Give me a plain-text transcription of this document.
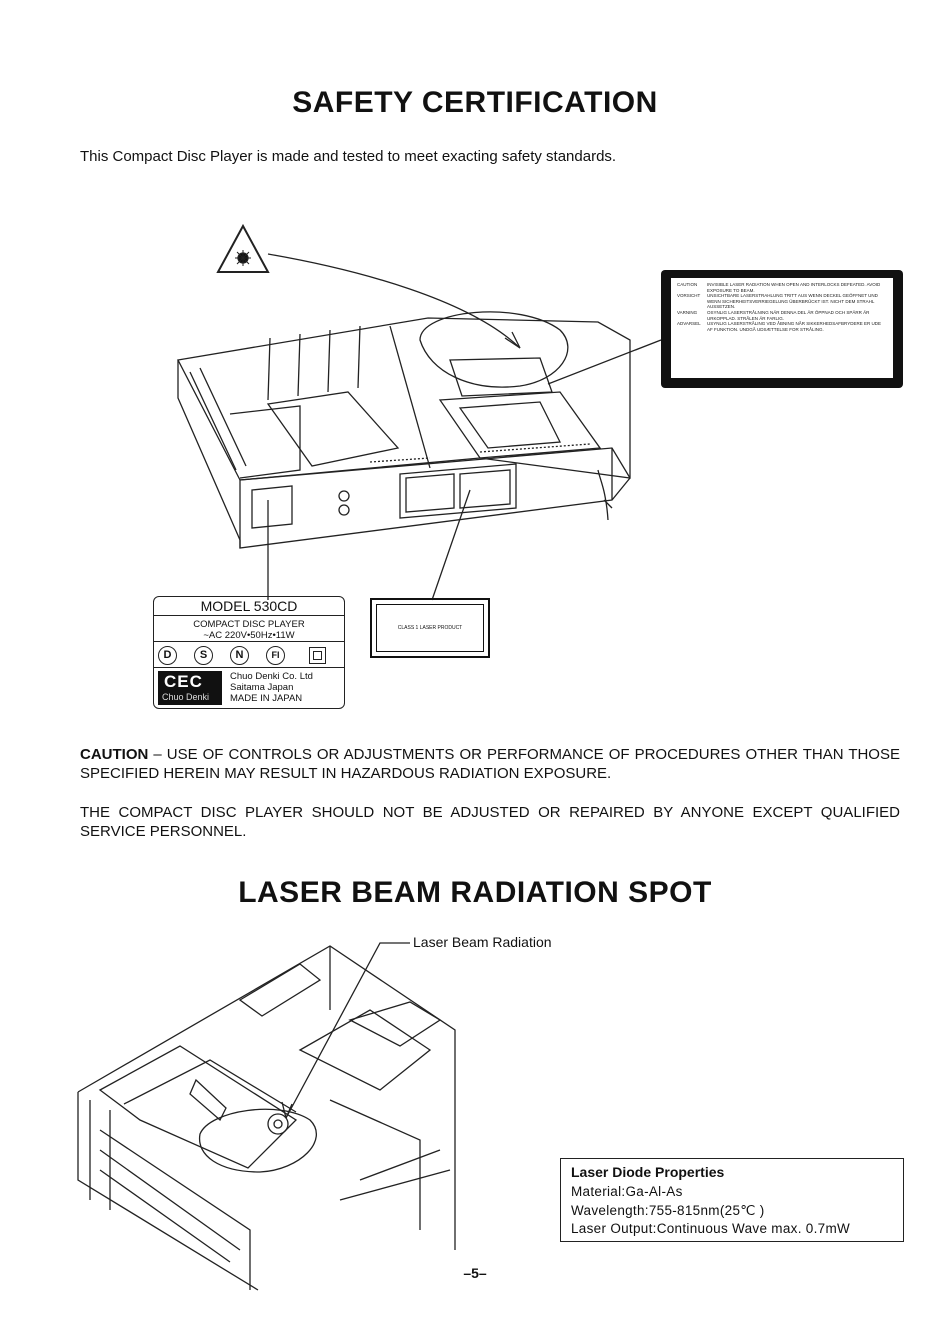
SAFETY CERTIFICATION
This Compact Disc Player is made and tested to meet exacting safety standards.
CAUTION	INVISIBLE LASER RADIATION WHEN OPEN AND INTERLOCKS DEFEATED. AVOID EXPOSURE TO BEAM.
VORSICHT	UNSICHTBARE LASERSTRAHLUNG TRITT AUS WENN DECKEL GEÖFFNET UND WENN SICHERHEITSVERRIEGELUNG ÜBERBRÜCKT IST. NICHT DEM STRAHL AUSSETZEN.
VARNING	OSYNLIG LASERSTRÅLNING NÄR DENNA DEL ÄR ÖPPNAD OCH SPÄRR ÄR URKOPPLAD. STRÅLEN ÄR FARLIG.
ADVARSEL	USYNLIG LASERSTRÅLING VED ÅBNING NÅR SIKKERHEDSAFBRYDERE ER UDE AF FUNKTION. UNDGÅ UDSÆTTELSE FOR STRÅLING.
CLASS 1 LASER PRODUCT
MODEL 530CD
COMPACT DISC PLAYER
~AC 220V•50Hz•11W
D	S	N	FI
CEC
Chuo Denki
Chuo Denki Co. Ltd
Saitama Japan
MADE IN JAPAN
CAUTION – USE OF CONTROLS OR ADJUSTMENTS OR PERFORMANCE OF PROCEDURES OTHER THAN THOSE SPECIFIED HEREIN MAY RESULT IN HAZARDOUS RADIATION EXPOSURE.
THE COMPACT DISC PLAYER SHOULD NOT BE ADJUSTED OR REPAIRED BY ANYONE EXCEPT QUALIFIED SERVICE PERSONNEL.
LASER BEAM RADIATION SPOT
Laser Beam Radiation
Laser Diode Properties
Material:Ga-Al-As
Wavelength:755-815nm(25℃ )
Laser Output:Continuous Wave max. 0.7mW
–5–
